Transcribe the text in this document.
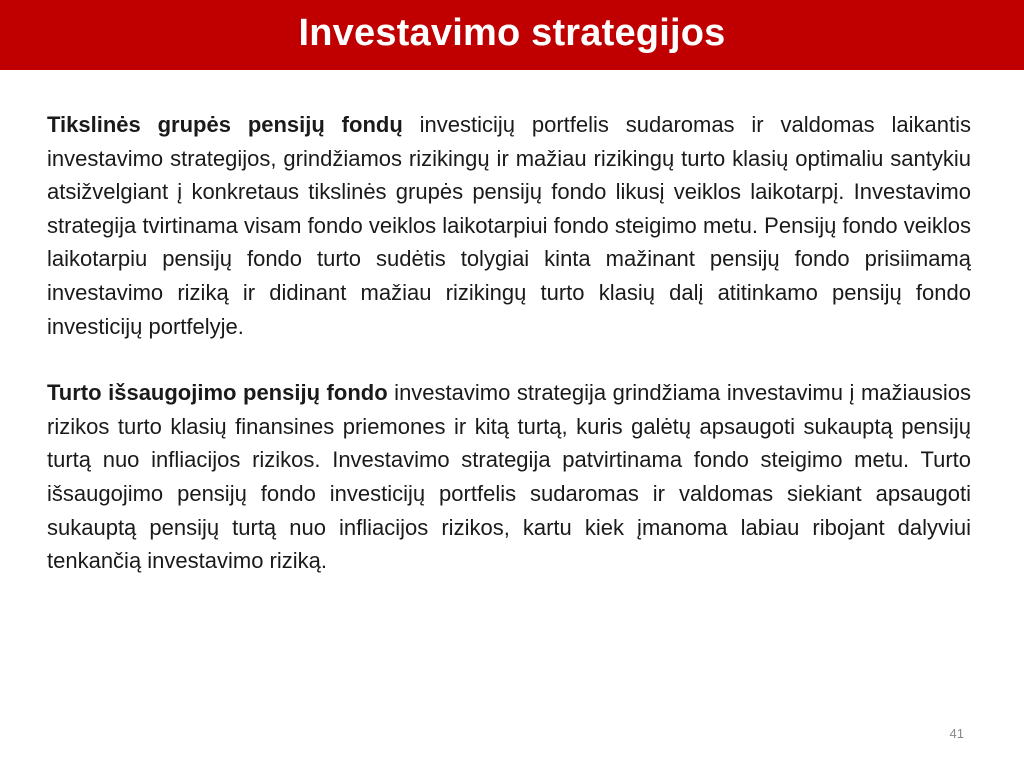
Investavimo strategijos

Tikslinės grupės pensijų fondų investicijų portfelis sudaromas ir valdomas laikantis investavimo strategijos, grindžiamos rizikingų ir mažiau rizikingų turto klasių optimaliu santykiu atsižvelgiant į konkretaus tikslinės grupės pensijų fondo likusį veiklos laikotarpį. Investavimo strategija tvirtinama visam fondo veiklos laikotarpiui fondo steigimo metu. Pensijų fondo veiklos laikotarpiu pensijų fondo turto sudėtis tolygiai kinta mažinant pensijų fondo prisiimamą investavimo riziką ir didinant mažiau rizikingų turto klasių dalį atitinkamo pensijų fondo investicijų portfelyje.

Turto išsaugojimo pensijų fondo investavimo strategija grindžiama investavimu į mažiausios rizikos turto klasių finansines priemones ir kitą turtą, kuris galėtų apsaugoti sukauptą pensijų turtą nuo infliacijos rizikos. Investavimo strategija patvirtinama fondo steigimo metu. Turto išsaugojimo pensijų fondo investicijų portfelis sudaromas ir valdomas siekiant apsaugoti sukauptą pensijų turtą nuo infliacijos rizikos, kartu kiek įmanoma labiau ribojant dalyviui tenkančią investavimo riziką.

41
